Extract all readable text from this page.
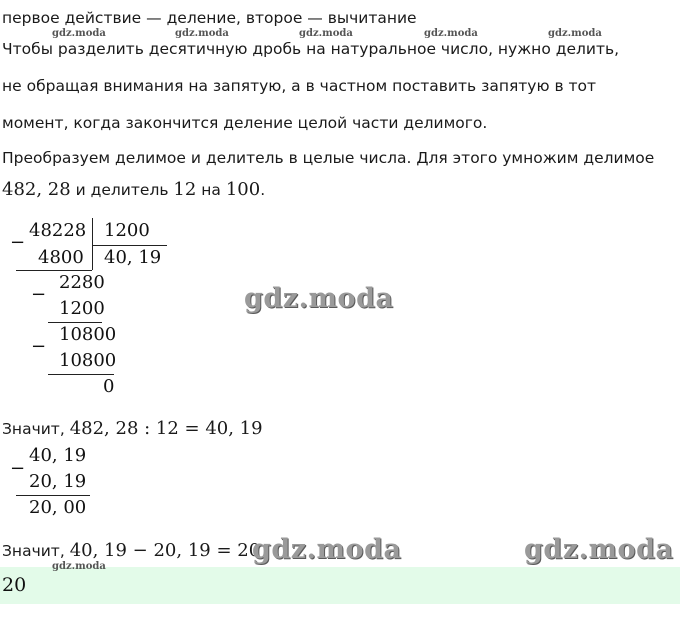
gdz.moda	gdz.moda	gdz.moda	gdz.moda	gdz.moda
первое действие — деление, второе — вычитание
Чтобы разделить десятичную дробь на натуральное число, нужно делить,
не обращая внимания на запятую, а в частном поставить запятую в тот
момент, когда закончится деление целой части делимого.
Преобразуем делимое и делитель в целые числа. Для этого умножим делимое
482, 28 и делитель 12 на 100.
−
48228 1200
4800 40, 19
−
2280
1200
−
10800
10800
0
Значит, 482, 28 : 12 = 40, 19
−
40, 19
20, 19
20, 00
Значит, 40, 19 − 20, 19 = 20
gdz.moda
gdz.moda	gdz.moda
gdz.moda
20
